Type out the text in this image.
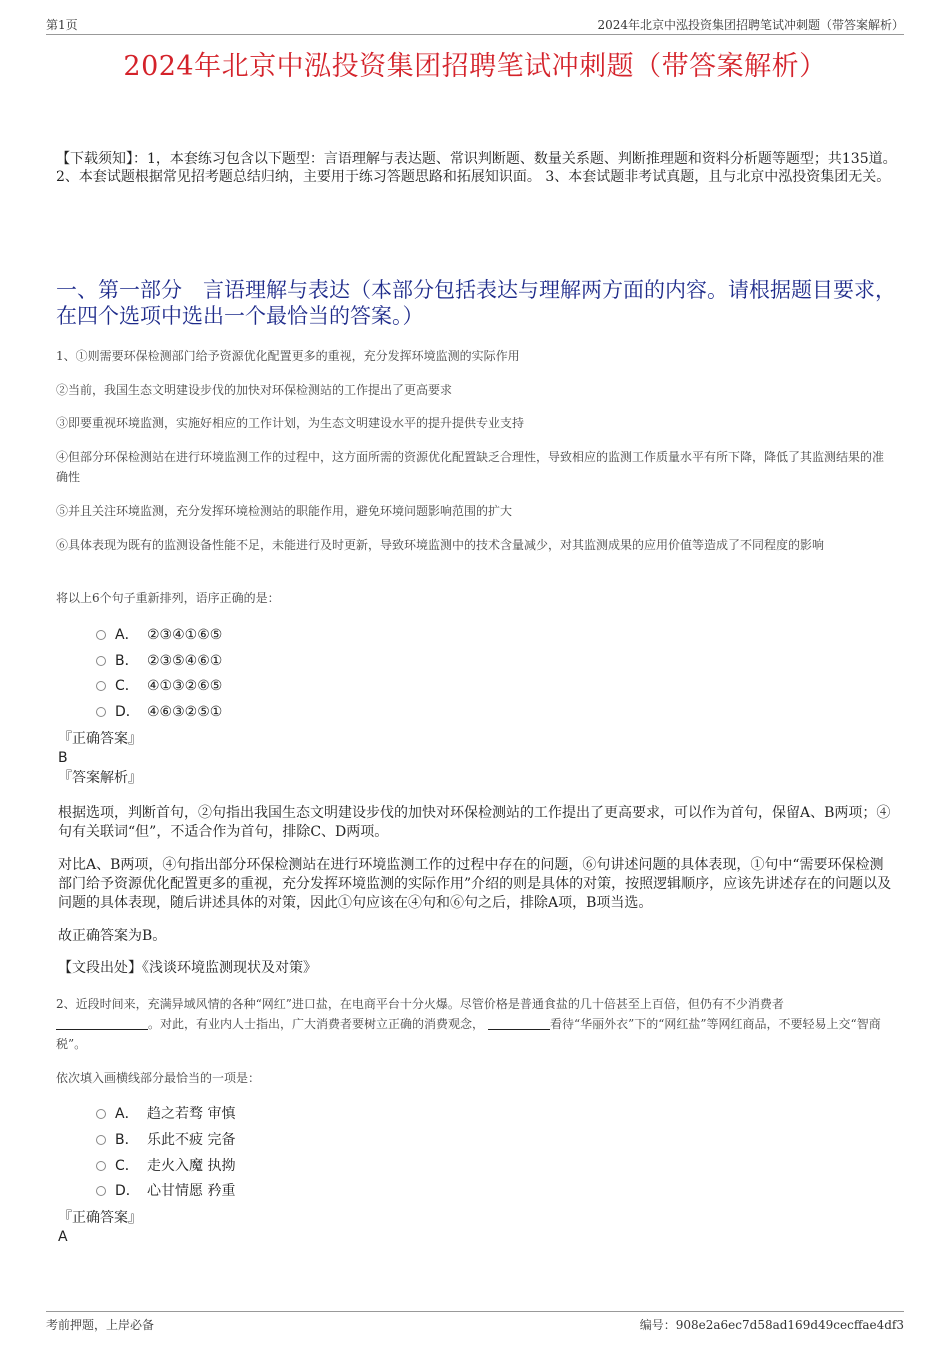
第1页	2024年北京中泓投资集团招聘笔试冲刺题（带答案解析）
2024年北京中泓投资集团招聘笔试冲刺题（带答案解析）
【下载须知】：1，本套练习包含以下题型：言语理解与表达题、常识判断题、数量关系题、判断推理题和资料分析题等题型；共135道。 2、本套试题根据常见招考题总结归纳，主要用于练习答题思路和拓展知识面。 3、本套试题非考试真题，且与北京中泓投资集团无关。
一、第一部分　言语理解与表达（本部分包括表达与理解两方面的内容。请根据题目要求，在四个选项中选出一个最恰当的答案。）
1、①则需要环保检测部门给予资源优化配置更多的重视，充分发挥环境监测的实际作用
②当前，我国生态文明建设步伐的加快对环保检测站的工作提出了更高要求
③即要重视环境监测，实施好相应的工作计划，为生态文明建设水平的提升提供专业支持
④但部分环保检测站在进行环境监测工作的过程中，这方面所需的资源优化配置缺乏合理性，导致相应的监测工作质量水平有所下降，降低了其监测结果的准确性
⑤并且关注环境监测，充分发挥环境检测站的职能作用，避免环境问题影响范围的扩大
⑥具体表现为既有的监测设备性能不足，未能进行及时更新，导致环境监测中的技术含量减少，对其监测成果的应用价值等造成了不同程度的影响
将以上6个句子重新排列，语序正确的是：
A． ②③④①⑥⑤
B． ②③⑤④⑥①
C． ④①③②⑥⑤
D． ④⑥③②⑤①
『正确答案』
B
『答案解析』
根据选项，判断首句，②句指出我国生态文明建设步伐的加快对环保检测站的工作提出了更高要求，可以作为首句，保留A、B两项；④句有关联词“但”，不适合作为首句，排除C、D两项。
对比A、B两项，④句指出部分环保检测站在进行环境监测工作的过程中存在的问题，⑥句讲述问题的具体表现，①句中“需要环保检测部门给予资源优化配置更多的重视，充分发挥环境监测的实际作用”介绍的则是具体的对策，按照逻辑顺序，应该先讲述存在的问题以及问题的具体表现，随后讲述具体的对策，因此①句应该在④句和⑥句之后，排除A项，B项当选。
故正确答案为B。
【文段出处】《浅谈环境监测现状及对策》
2、近段时间来，充满异域风情的各种“网红”进口盐，在电商平台十分火爆。尽管价格是普通食盐的几十倍甚至上百倍，但仍有不少消费者
。对此，有业内人士指出，广大消费者要树立正确的消费观念，	看待“华丽外衣”下的“网红盐”等网红商品，不要轻易上交“智商税”。
依次填入画横线部分最恰当的一项是：
A． 趋之若骛 审慎
B． 乐此不疲 完备
C． 走火入魔 执拗
D． 心甘情愿 矜重
『正确答案』
A
考前押题，上岸必备	编号：908e2a6ec7d58ad169d49cecffae4df3
